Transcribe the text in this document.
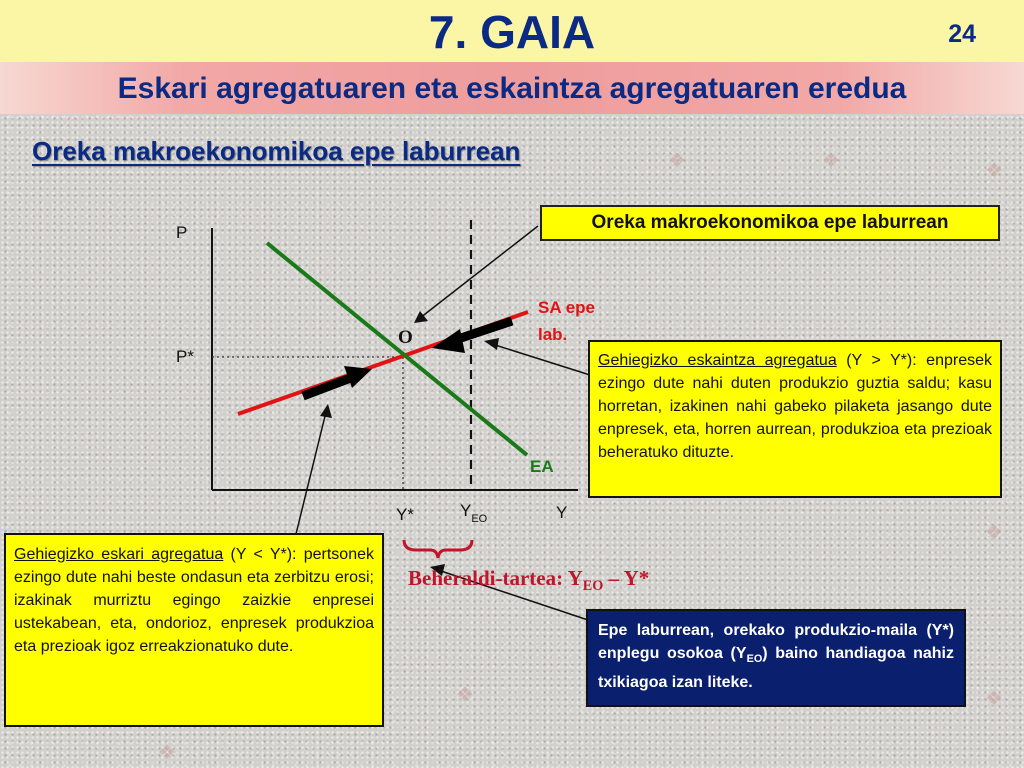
❖	❖	❖
❖
❖
❖
❖
7. GAIA	24
Eskari agregatuaren eta eskaintza agregatuaren eredua
Oreka makroekonomikoa epe laburrean
P
Y
P*
O
Y*	$Y_{EO}$
SA epe
lab.
EA
Oreka makroekonomikoa epe laburrean
Gehiegizko eskaintza agregatua (Y > Y*): enpresek ezingo dute nahi duten produkzio guztia saldu; kasu horretan, izakinen nahi gabeko pilaketa jasango dute enpresek, eta, horren aurrean, produkzioa eta prezioak beheratuko dituzte.
Gehiegizko eskari agregatua (Y < Y*): pertsonek ezingo dute nahi beste ondasun eta zerbitzu erosi; izakinak murriztu egingo zaizkie enpresei ustekabean, eta, ondorioz, enpresek produkzioa eta prezioak igoz erreakzionatuko dute.
Beheraldi-tartea: $Y_{EO} - Y*$
Epe laburrean, orekako produkzio-maila (Y*) enplegu osokoa $(Y_{EO})$ baino handiagoa nahiz txikiagoa izan liteke.
